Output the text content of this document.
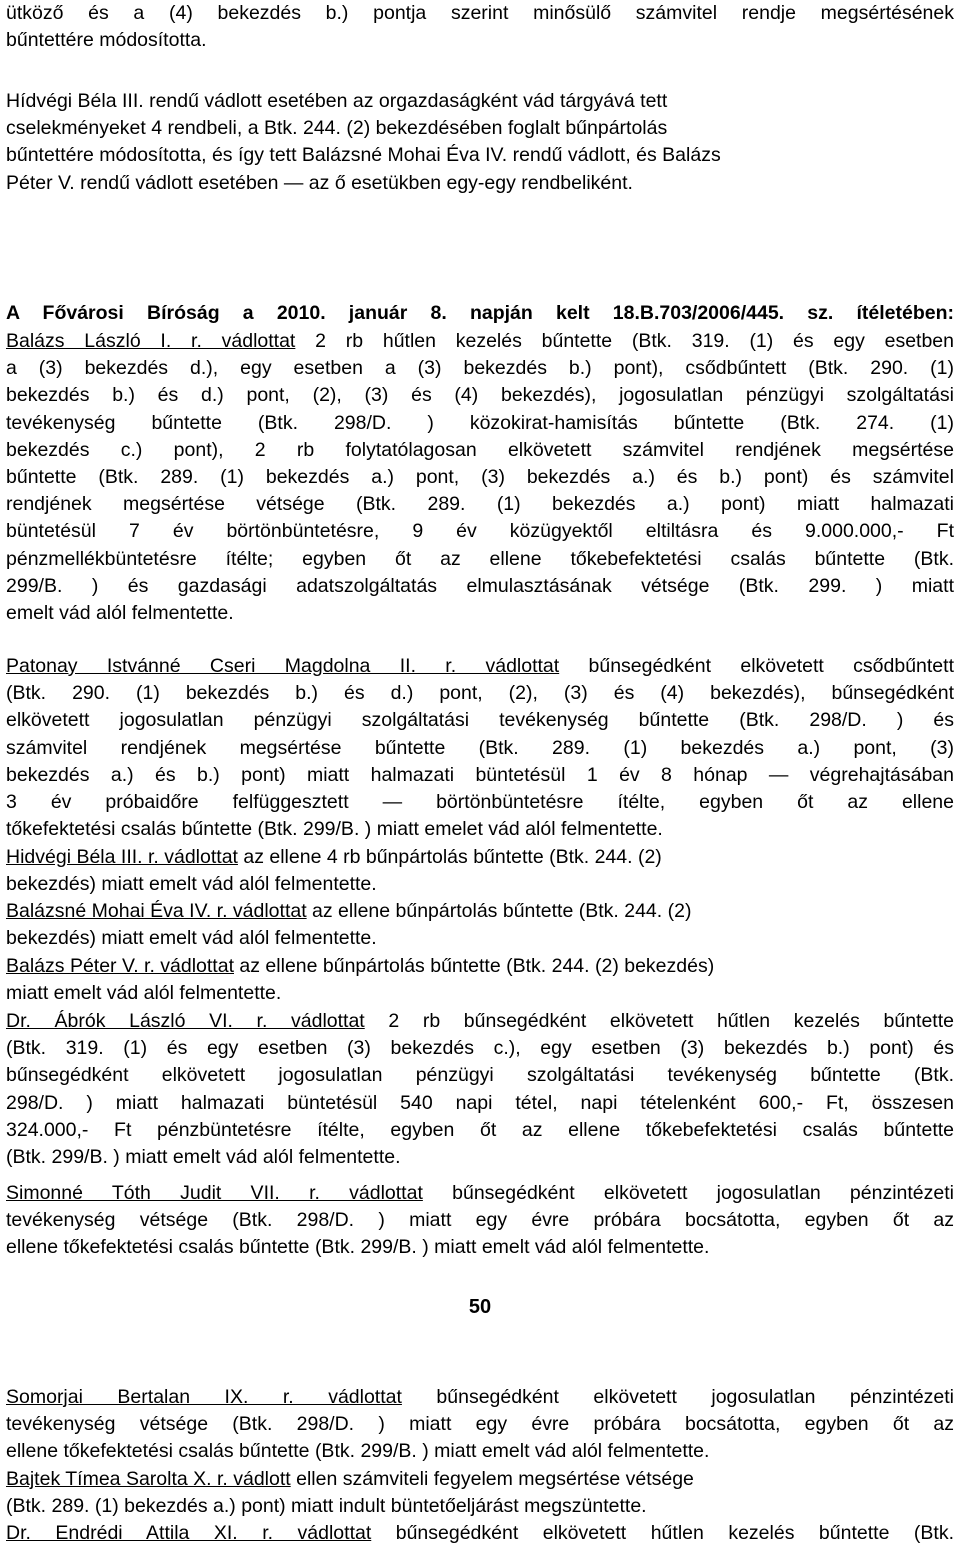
ütköző és a (4) bekezdés b.) pontja szerint minősülő számvitel rendje megsértésének
bűntettére módosította.
Hídvégi Béla III. rendű vádlott esetében az orgazdaságként vád tárgyává tett
cselekményeket 4 rendbeli, a Btk. 244. (2) bekezdésében foglalt bűnpártolás
bűntettére módosította, és így tett Balázsné Mohai Éva IV. rendű vádlott, és Balázs
Péter V. rendű vádlott esetében — az ő esetükben egy-egy rendbeliként.
A Fővárosi Bíróság a 2010. január 8. napján kelt 18.B.703/2006/445. sz. ítéletében:
Balázs László I. r. vádlottat 2 rb hűtlen kezelés bűntette (Btk. 319. (1) és egy esetben
a (3) bekezdés d.), egy esetben a (3) bekezdés b.) pont), csődbűntett (Btk. 290. (1)
bekezdés b.) és d.) pont, (2), (3) és (4) bekezdés), jogosulatlan pénzügyi szolgáltatási
tevékenység bűntette (Btk. 298/D. ) közokirat-hamisítás bűntette (Btk. 274. (1)
bekezdés c.) pont), 2 rb folytatólagosan elkövetett számvitel rendjének megsértése
bűntette (Btk. 289. (1) bekezdés a.) pont, (3) bekezdés a.) és b.) pont) és számvitel
rendjének megsértése vétsége (Btk. 289. (1) bekezdés a.) pont) miatt halmazati
büntetésül 7 év börtönbüntetésre, 9 év közügyektől eltiltásra és 9.000.000,- Ft
pénzmellékbüntetésre ítélte; egyben őt az ellene tőkebefektetési csalás bűntette (Btk.
299/B. ) és gazdasági adatszolgáltatás elmulasztásának vétsége (Btk. 299. ) miatt
emelt vád alól felmentette.
Patonay Istvánné Cseri Magdolna II. r. vádlottat bűnsegédként elkövetett csődbűntett
(Btk. 290. (1) bekezdés b.) és d.) pont, (2), (3) és (4) bekezdés), bűnsegédként
elkövetett jogosulatlan pénzügyi szolgáltatási tevékenység bűntette (Btk. 298/D. ) és
számvitel rendjének megsértése bűntette (Btk. 289. (1) bekezdés a.) pont, (3)
bekezdés a.) és b.) pont) miatt halmazati büntetésül 1 év 8 hónap — végrehajtásában
3 év próbaidőre felfüggesztett — börtönbüntetésre ítélte, egyben őt az ellene
tőkefektetési csalás bűntette (Btk. 299/B. ) miatt emelet vád alól felmentette.
Hidvégi Béla III. r. vádlottat az ellene 4 rb bűnpártolás bűntette (Btk. 244. (2)
bekezdés) miatt emelt vád alól felmentette.
Balázsné Mohai Éva IV. r. vádlottat az ellene bűnpártolás bűntette (Btk. 244. (2)
bekezdés) miatt emelt vád alól felmentette.
Balázs Péter V. r. vádlottat az ellene bűnpártolás bűntette (Btk. 244. (2) bekezdés)
miatt emelt vád alól felmentette.
Dr. Ábrók László VI. r. vádlottat 2 rb bűnsegédként elkövetett hűtlen kezelés bűntette
(Btk. 319. (1) és egy esetben (3) bekezdés c.), egy esetben (3) bekezdés b.) pont) és
bűnsegédként elkövetett jogosulatlan pénzügyi szolgáltatási tevékenység bűntette (Btk.
298/D. ) miatt halmazati büntetésül 540 napi tétel, napi tételenként 600,- Ft, összesen
324.000,- Ft pénzbüntetésre ítélte, egyben őt az ellene tőkebefektetési csalás bűntette
(Btk. 299/B. ) miatt emelt vád alól felmentette.
Simonné Tóth Judit VII. r. vádlottat bűnsegédként elkövetett jogosulatlan pénzintézeti
tevékenység vétsége (Btk. 298/D. ) miatt egy évre próbára bocsátotta, egyben őt az
ellene tőkefektetési csalás bűntette (Btk. 299/B. ) miatt emelt vád alól felmentette.
50
Somorjai Bertalan IX. r. vádlottat bűnsegédként elkövetett jogosulatlan pénzintézeti
tevékenység vétsége (Btk. 298/D. ) miatt egy évre próbára bocsátotta, egyben őt az
ellene tőkefektetési csalás bűntette (Btk. 299/B. ) miatt emelt vád alól felmentette.
Bajtek Tímea Sarolta X. r. vádlott ellen számviteli fegyelem megsértése vétsége
(Btk. 289. (1) bekezdés a.) pont) miatt indult büntetőeljárást megszüntette.
Dr. Endrédi Attila XI. r. vádlottat bűnsegédként elkövetett hűtlen kezelés bűntette (Btk.
